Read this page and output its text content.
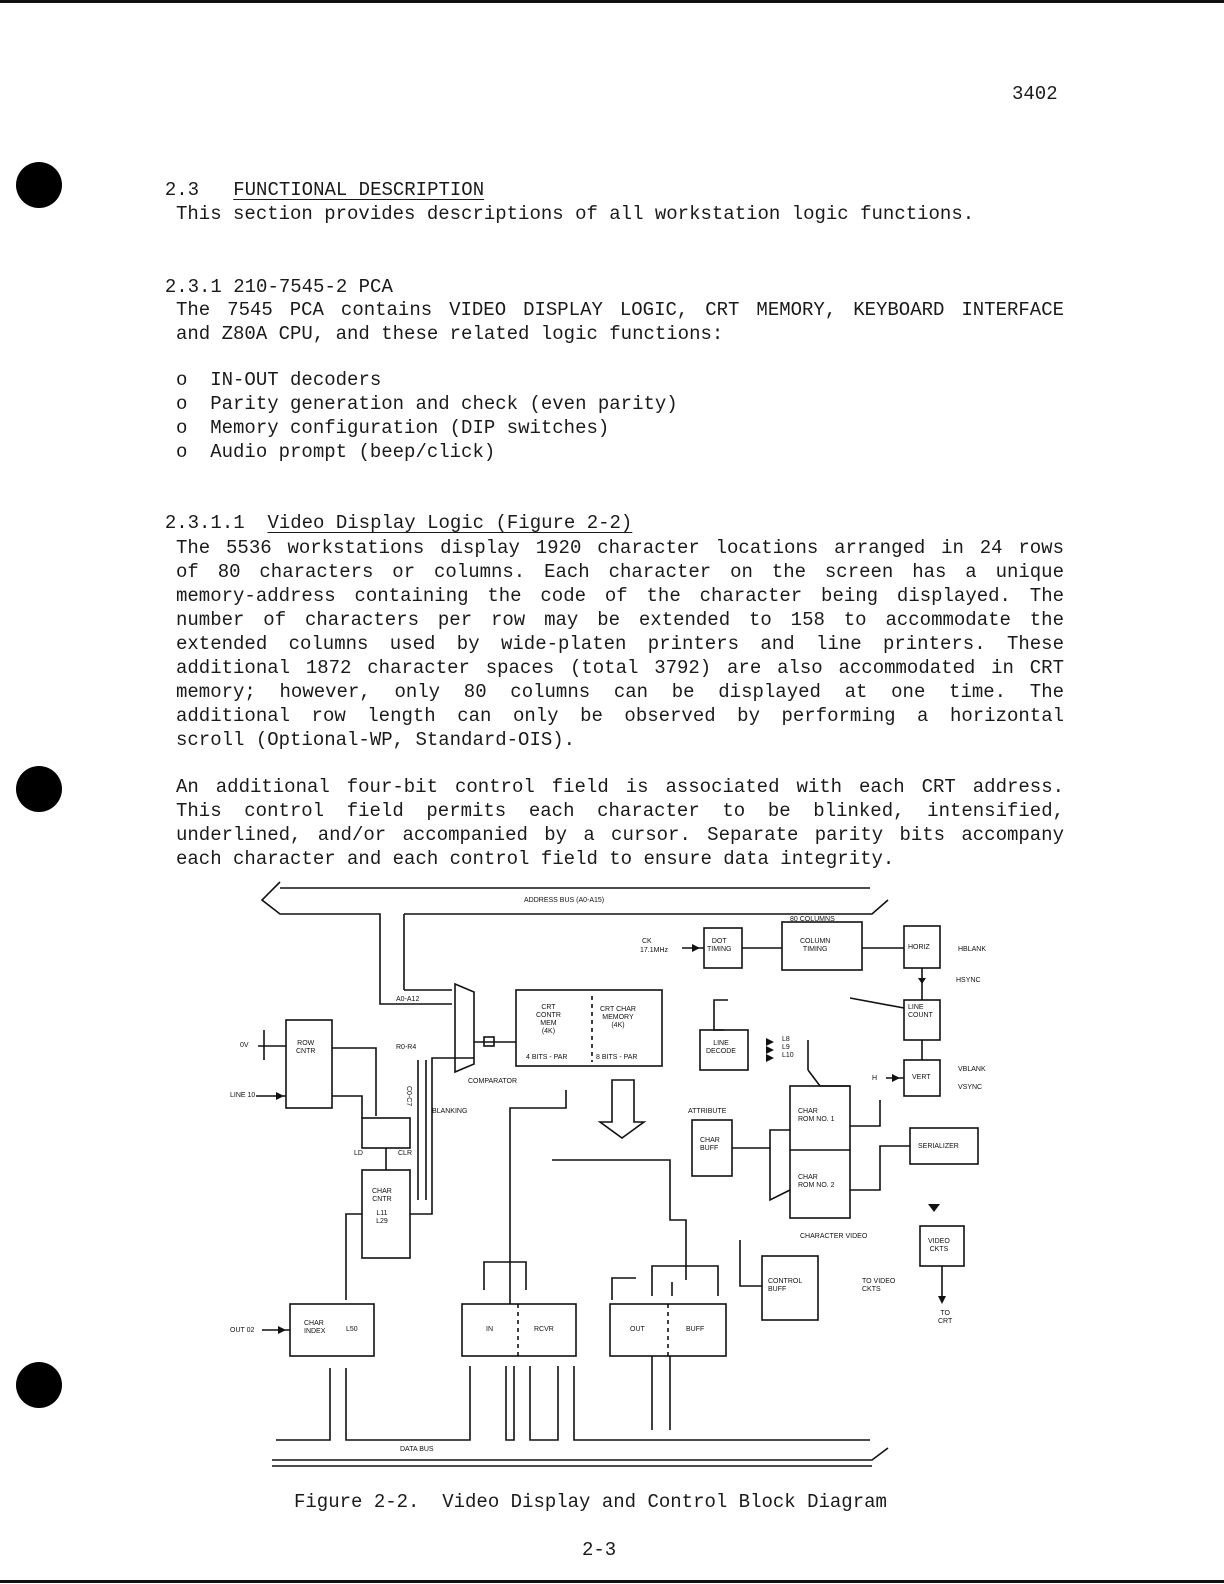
3402

2.3 FUNCTIONAL DESCRIPTION

This section provides descriptions of all workstation logic functions.

2.3.1 210-7545-2 PCA

The 7545 PCA contains VIDEO DISPLAY LOGIC, CRT MEMORY, KEYBOARD INTERFACE
and Z80A CPU, and these related logic functions:
o IN-OUT decoders
o Parity generation and check (even parity)
o Memory configuration (DIP switches)
o Audio prompt (beep/click)

2.3.1.1 Video Display Logic (Figure 2-2)

The 5536 workstations display 1920 character locations arranged in 24 rows
of 80 characters or columns. Each character on the screen has a unique
memory-address containing the code of the character being displayed. The
number of characters per row may be extended to 158 to accommodate the
extended columns used by wide-platen printers and line printers. These
additional 1872 character spaces (total 3792) are also accommodated in CRT
memory; however, only 80 columns can be displayed at one time. The
additional row length can only be observed by performing a horizontal
scroll (Optional-WP, Standard-OIS).
An additional four-bit control field is associated with each CRT address.
This control field permits each character to be blinked, intensified,
underlined, and/or accompanied by a cursor. Separate parity bits accompany
each character and each control field to ensure data integrity.
ADDRESS BUS (A0-A15)
80 COLUMNS
CK
17.1MHz
DOT
TIMING
COLUMN
TIMING	HORIZ	HBLANK
HSYNC
LINE
COUNT
A0-A12
R0-R4
C0-C7
BLANKING
COMPARATOR
CRT
CONTR
MEM
(4K)
CRT CHAR
MEMORY
(4K)
4 BITS - PAR	8 BITS - PAR
ROW
CNTR
0V
LINE 10
LD	CLR
CHAR
CNTR
L11
L29
CHAR
INDEX	L50
OUT 02
LINE
DECODE
L8
L9
L10
H	VERT
VBLANK
VSYNC
ATTRIBUTE
CHAR
BUFF
CHAR
ROM NO. 1
CHAR
ROM NO. 2
CHARACTER VIDEO
SERIALIZER
VIDEO
CKTS
TO
CRT
CONTROL
BUFF
TO VIDEO
CKTS
IN	RCVR	OUT	BUFF
DATA BUS
Figure 2-2.  Video Display and Control Block Diagram
2-3
